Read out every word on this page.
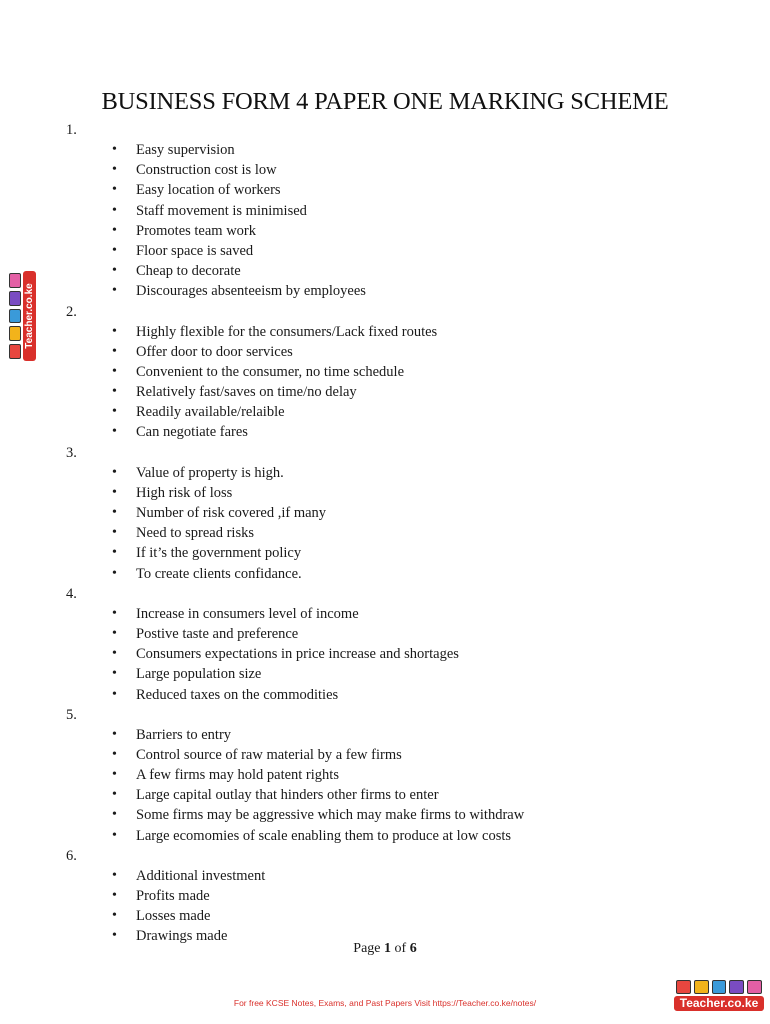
BUSINESS FORM 4 PAPER ONE MARKING SCHEME
1.
• Easy supervision
• Construction cost is low
• Easy location of workers
• Staff movement is minimised
• Promotes team work
• Floor space is saved
• Cheap to decorate
• Discourages absenteeism by employees
2.
• Highly flexible for the consumers/Lack fixed routes
• Offer door to door services
• Convenient to the consumer, no time schedule
• Relatively fast/saves on time/no delay
• Readily available/relaible
• Can negotiate fares
3.
• Value of property is high.
• High risk of loss
• Number of risk covered ,if many
• Need to spread risks
• If it’s the government policy
• To create clients confidance.
4.
• Increase in consumers level of income
• Postive taste and preference
• Consumers expectations in price increase and shortages
• Large population size
• Reduced taxes on the commodities
5.
• Barriers to entry
• Control source of raw material by a few firms
• A few firms may hold patent rights
• Large capital outlay that hinders other firms to enter
• Some firms may be aggressive which may make firms to withdraw
• Large ecomomies of scale enabling them to produce at low costs
6.
• Additional investment
• Profits made
• Losses made
• Drawings made
Page 1 of 6
For free KCSE Notes, Exams, and Past Papers Visit https://Teacher.co.ke/notes/	Teacher.co.ke
Teacher.co.ke
